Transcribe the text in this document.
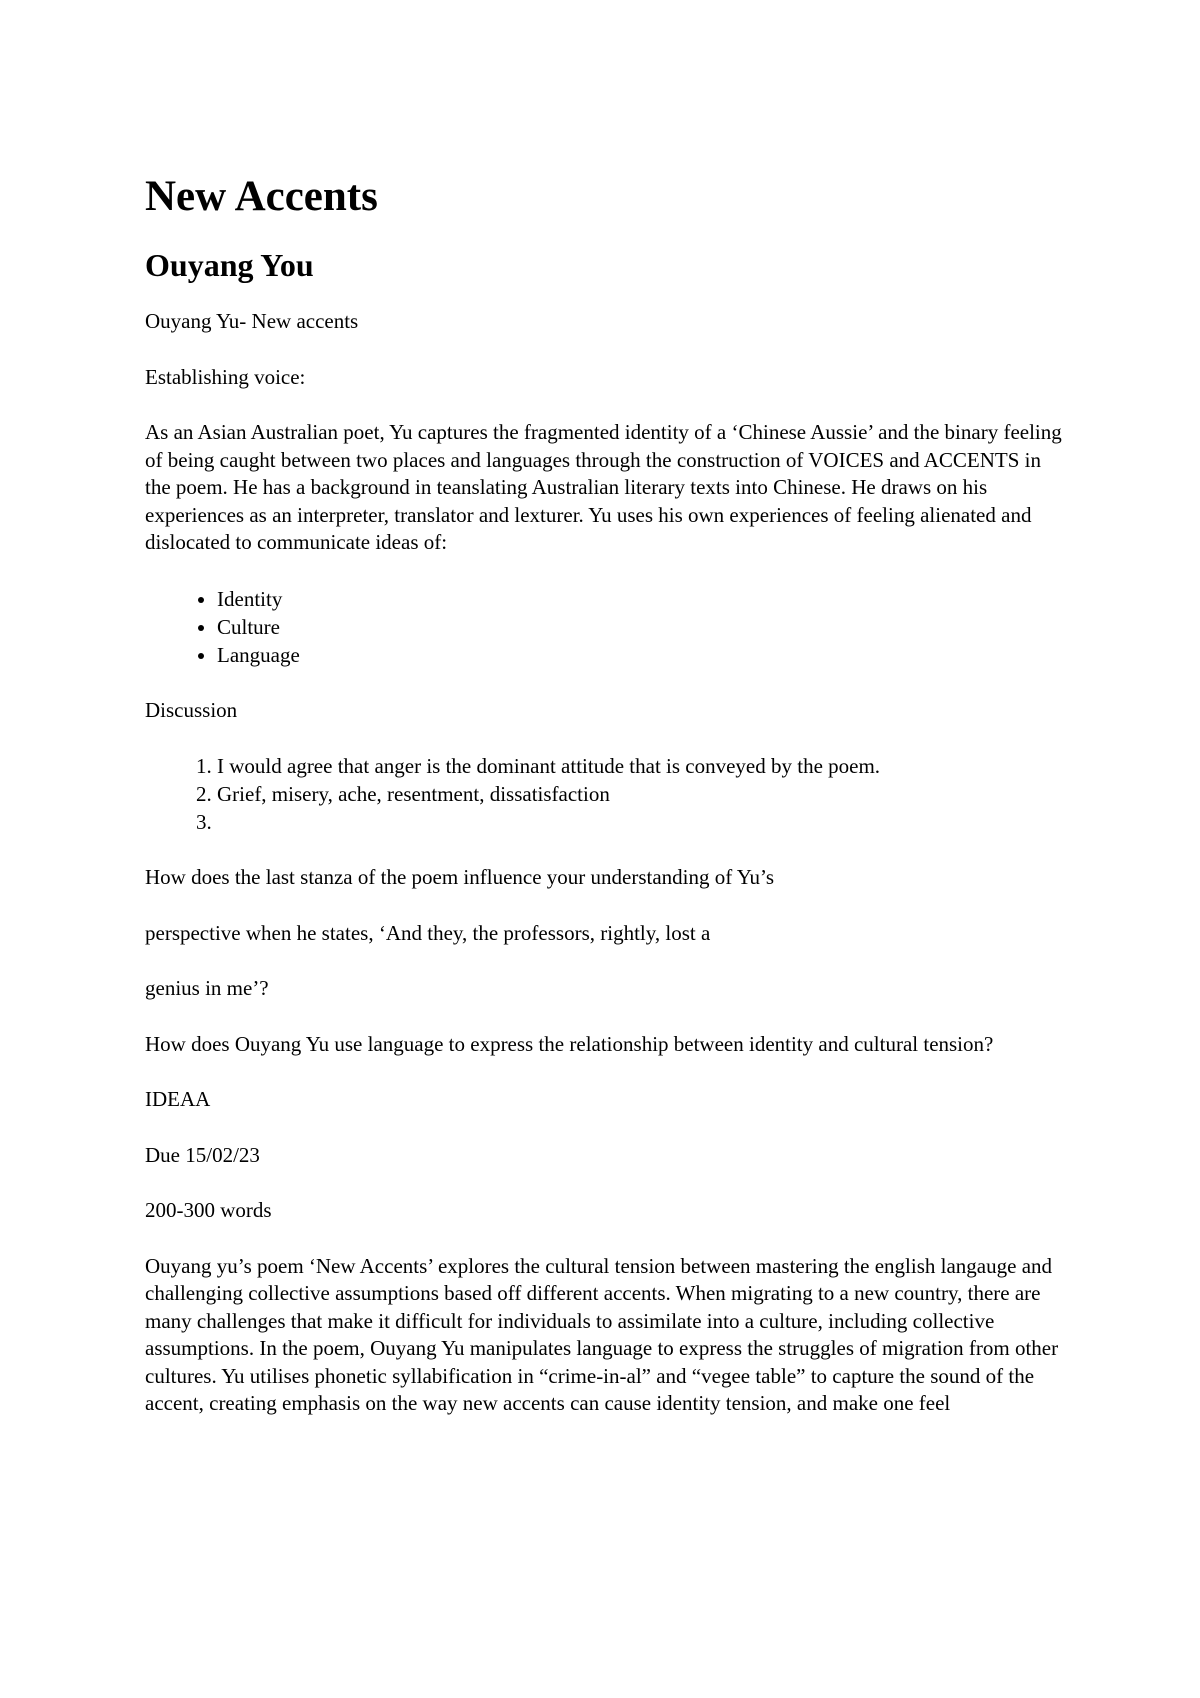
New Accents
Ouyang You

Ouyang Yu- New accents

Establishing voice:

As an Asian Australian poet, Yu captures the fragmented identity of a ‘Chinese Aussie’ and the binary feeling of being caught between two places and languages through the construction of VOICES and ACCENTS in the poem. He has a background in teanslating Australian literary texts into Chinese. He draws on his experiences as an interpreter, translator and lexturer. Yu uses his own experiences of feeling alienated and dislocated to communicate ideas of:

• Identity
• Culture
• Language

Discussion

1. I would agree that anger is the dominant attitude that is conveyed by the poem.
2. Grief, misery, ache, resentment, dissatisfaction
3.

How does the last stanza of the poem influence your understanding of Yu’s

perspective when he states, ‘And they, the professors, rightly, lost a

genius in me’?

How does Ouyang Yu use language to express the relationship between identity and cultural tension?

IDEAA

Due 15/02/23

200-300 words

Ouyang yu’s poem ‘New Accents’ explores the cultural tension between mastering the english langauge and challenging collective assumptions based off different accents. When migrating to a new country, there are many challenges that make it difficult for individuals to assimilate into a culture, including collective assumptions. In the poem, Ouyang Yu manipulates language to express the struggles of migration from other cultures. Yu utilises phonetic syllabification in “crime-in-al” and “vegee table” to capture the sound of the accent, creating emphasis on the way new accents can cause identity tension, and make one feel
